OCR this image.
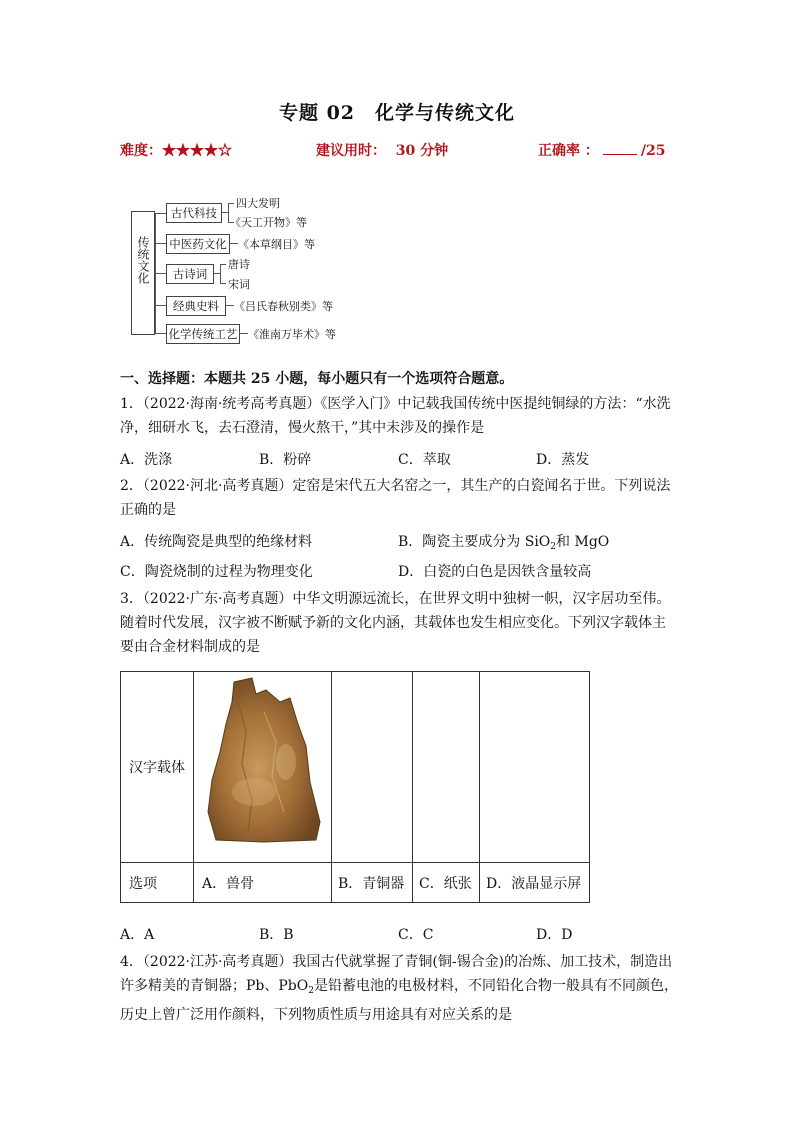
专题 02　化学与传统文化
难度：★★★★☆	建议用时： 30 分钟	正确率 ：	/25
传统文化
古代科技
四大发明
《天工开物》等
中医药文化 《本草纲目》等
古诗词
唐诗
宋词
经典史料	《吕氏春秋别类》等
化学传统工艺 《淮南万毕术》等
一、选择题：本题共 25 小题，每小题只有一个选项符合题意。
1．（2022·海南·统考高考真题）《医学入门》中记载我国传统中医提纯铜绿的方法：“水洗
净，细研水飞，去石澄清，慢火熬干，”其中未涉及的操作是
A．洗涤	B．粉碎	C．萃取	D．蒸发
2．（2022·河北·高考真题）定窑是宋代五大名窑之一，其生产的白瓷闻名于世。下列说法
正确的是
A．传统陶瓷是典型的绝缘材料	B．陶瓷主要成分为 SiO$_2$和 MgO
C．陶瓷烧制的过程为物理变化	D．白瓷的白色是因铁含量较高
3．（2022·广东·高考真题）中华文明源远流长，在世界文明中独树一帜，汉字居功至伟。
随着时代发展，汉字被不断赋予新的文化内涵，其载体也发生相应变化。下列汉字载体主
要由合金材料制成的是
汉字载体				
选项	A．兽骨	B．青铜器	C．纸张	D．液晶显示屏
A．A	B．B	C．C	D．D
4．（2022·江苏·高考真题）我国古代就掌握了青铜(铜-锡合金)的冶炼、加工技术，制造出
许多精美的青铜器；Pb、PbO$_2$是铅蓄电池的电极材料，不同铅化合物一般具有不同颜色，
历史上曾广泛用作颜料，下列物质性质与用途具有对应关系的是
